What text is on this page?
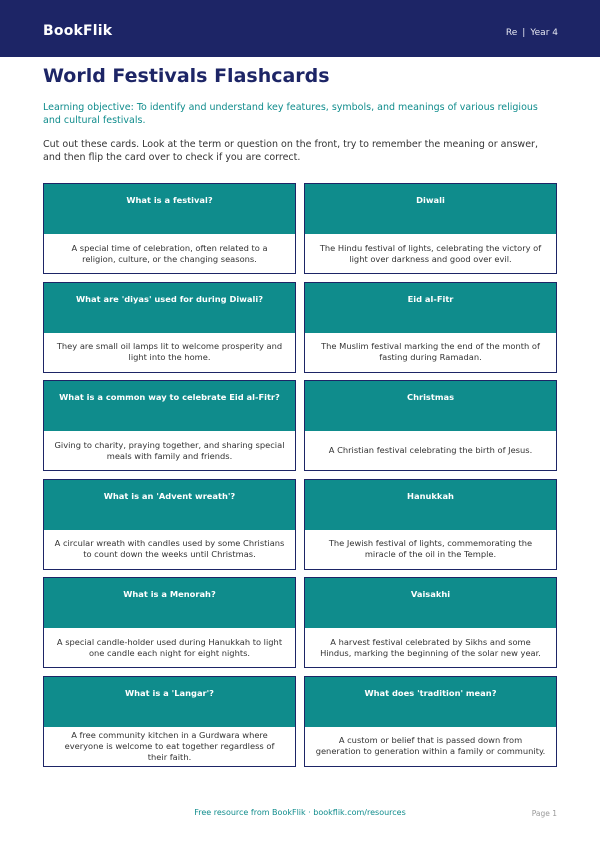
BookFlik	Re | Year 4
World Festivals Flashcards

Learning objective: To identify and understand key features, symbols, and meanings of various religious and cultural festivals.

Cut out these cards. Look at the term or question on the front, try to remember the meaning or answer, and then flip the card over to check if you are correct.

What is a festival?
A special time of celebration, often related to a religion, culture, or the changing seasons.
Diwali
The Hindu festival of lights, celebrating the victory of light over darkness and good over evil.
What are 'diyas' used for during Diwali?
They are small oil lamps lit to welcome prosperity and light into the home.
Eid al-Fitr
The Muslim festival marking the end of the month of fasting during Ramadan.
What is a common way to celebrate Eid al-Fitr?
Giving to charity, praying together, and sharing special meals with family and friends.
Christmas
A Christian festival celebrating the birth of Jesus.
What is an 'Advent wreath'?
A circular wreath with candles used by some Christians to count down the weeks until Christmas.
Hanukkah
The Jewish festival of lights, commemorating the miracle of the oil in the Temple.
What is a Menorah?
A special candle-holder used during Hanukkah to light one candle each night for eight nights.
Vaisakhi
A harvest festival celebrated by Sikhs and some Hindus, marking the beginning of the solar new year.
What is a 'Langar'?
A free community kitchen in a Gurdwara where everyone is welcome to eat together regardless of their faith.
What does 'tradition' mean?
A custom or belief that is passed down from generation to generation within a family or community.
Free resource from BookFlik · bookflik.com/resources	Page 1
